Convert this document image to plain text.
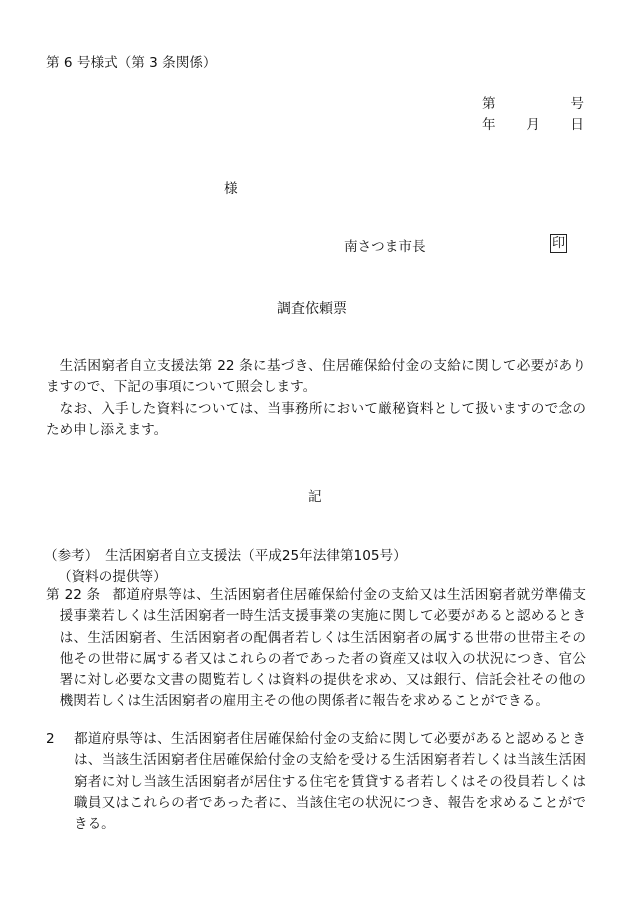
第 6 号様式（第 3 条関係）
第	号
年 月 日
様
南さつま市長	印
調査依頼票

生活困窮者自立支援法第 22 条に基づき、住居確保給付金の支給に関して必要がありますので、下記の事項について照会します。

なお、入手した資料については、当事務所において厳秘資料として扱いますので念のため申し添えます。

記
（参考）　生活困窮者自立支援法（平成25年法律第105号）
（資料の提供等）
第 22 条 都道府県等は、生活困窮者住居確保給付金の支給又は生活困窮者就労準備支援事業若しくは生活困窮者一時生活支援事業の実施に関して必要があると認めるときは、生活困窮者、生活困窮者の配偶者若しくは生活困窮者の属する世帯の世帯主その他その世帯に属する者又はこれらの者であった者の資産又は収入の状況につき、官公署に対し必要な文書の閲覧若しくは資料の提供を求め、又は銀行、信託会社その他の機関若しくは生活困窮者の雇用主その他の関係者に報告を求めることができる。
2	都道府県等は、生活困窮者住居確保給付金の支給に関して必要があると認めるときは、当該生活困窮者住居確保給付金の支給を受ける生活困窮者若しくは当該生活困窮者に対し当該生活困窮者が居住する住宅を賃貸する者若しくはその役員若しくは職員又はこれらの者であった者に、当該住宅の状況につき、報告を求めることができる。
